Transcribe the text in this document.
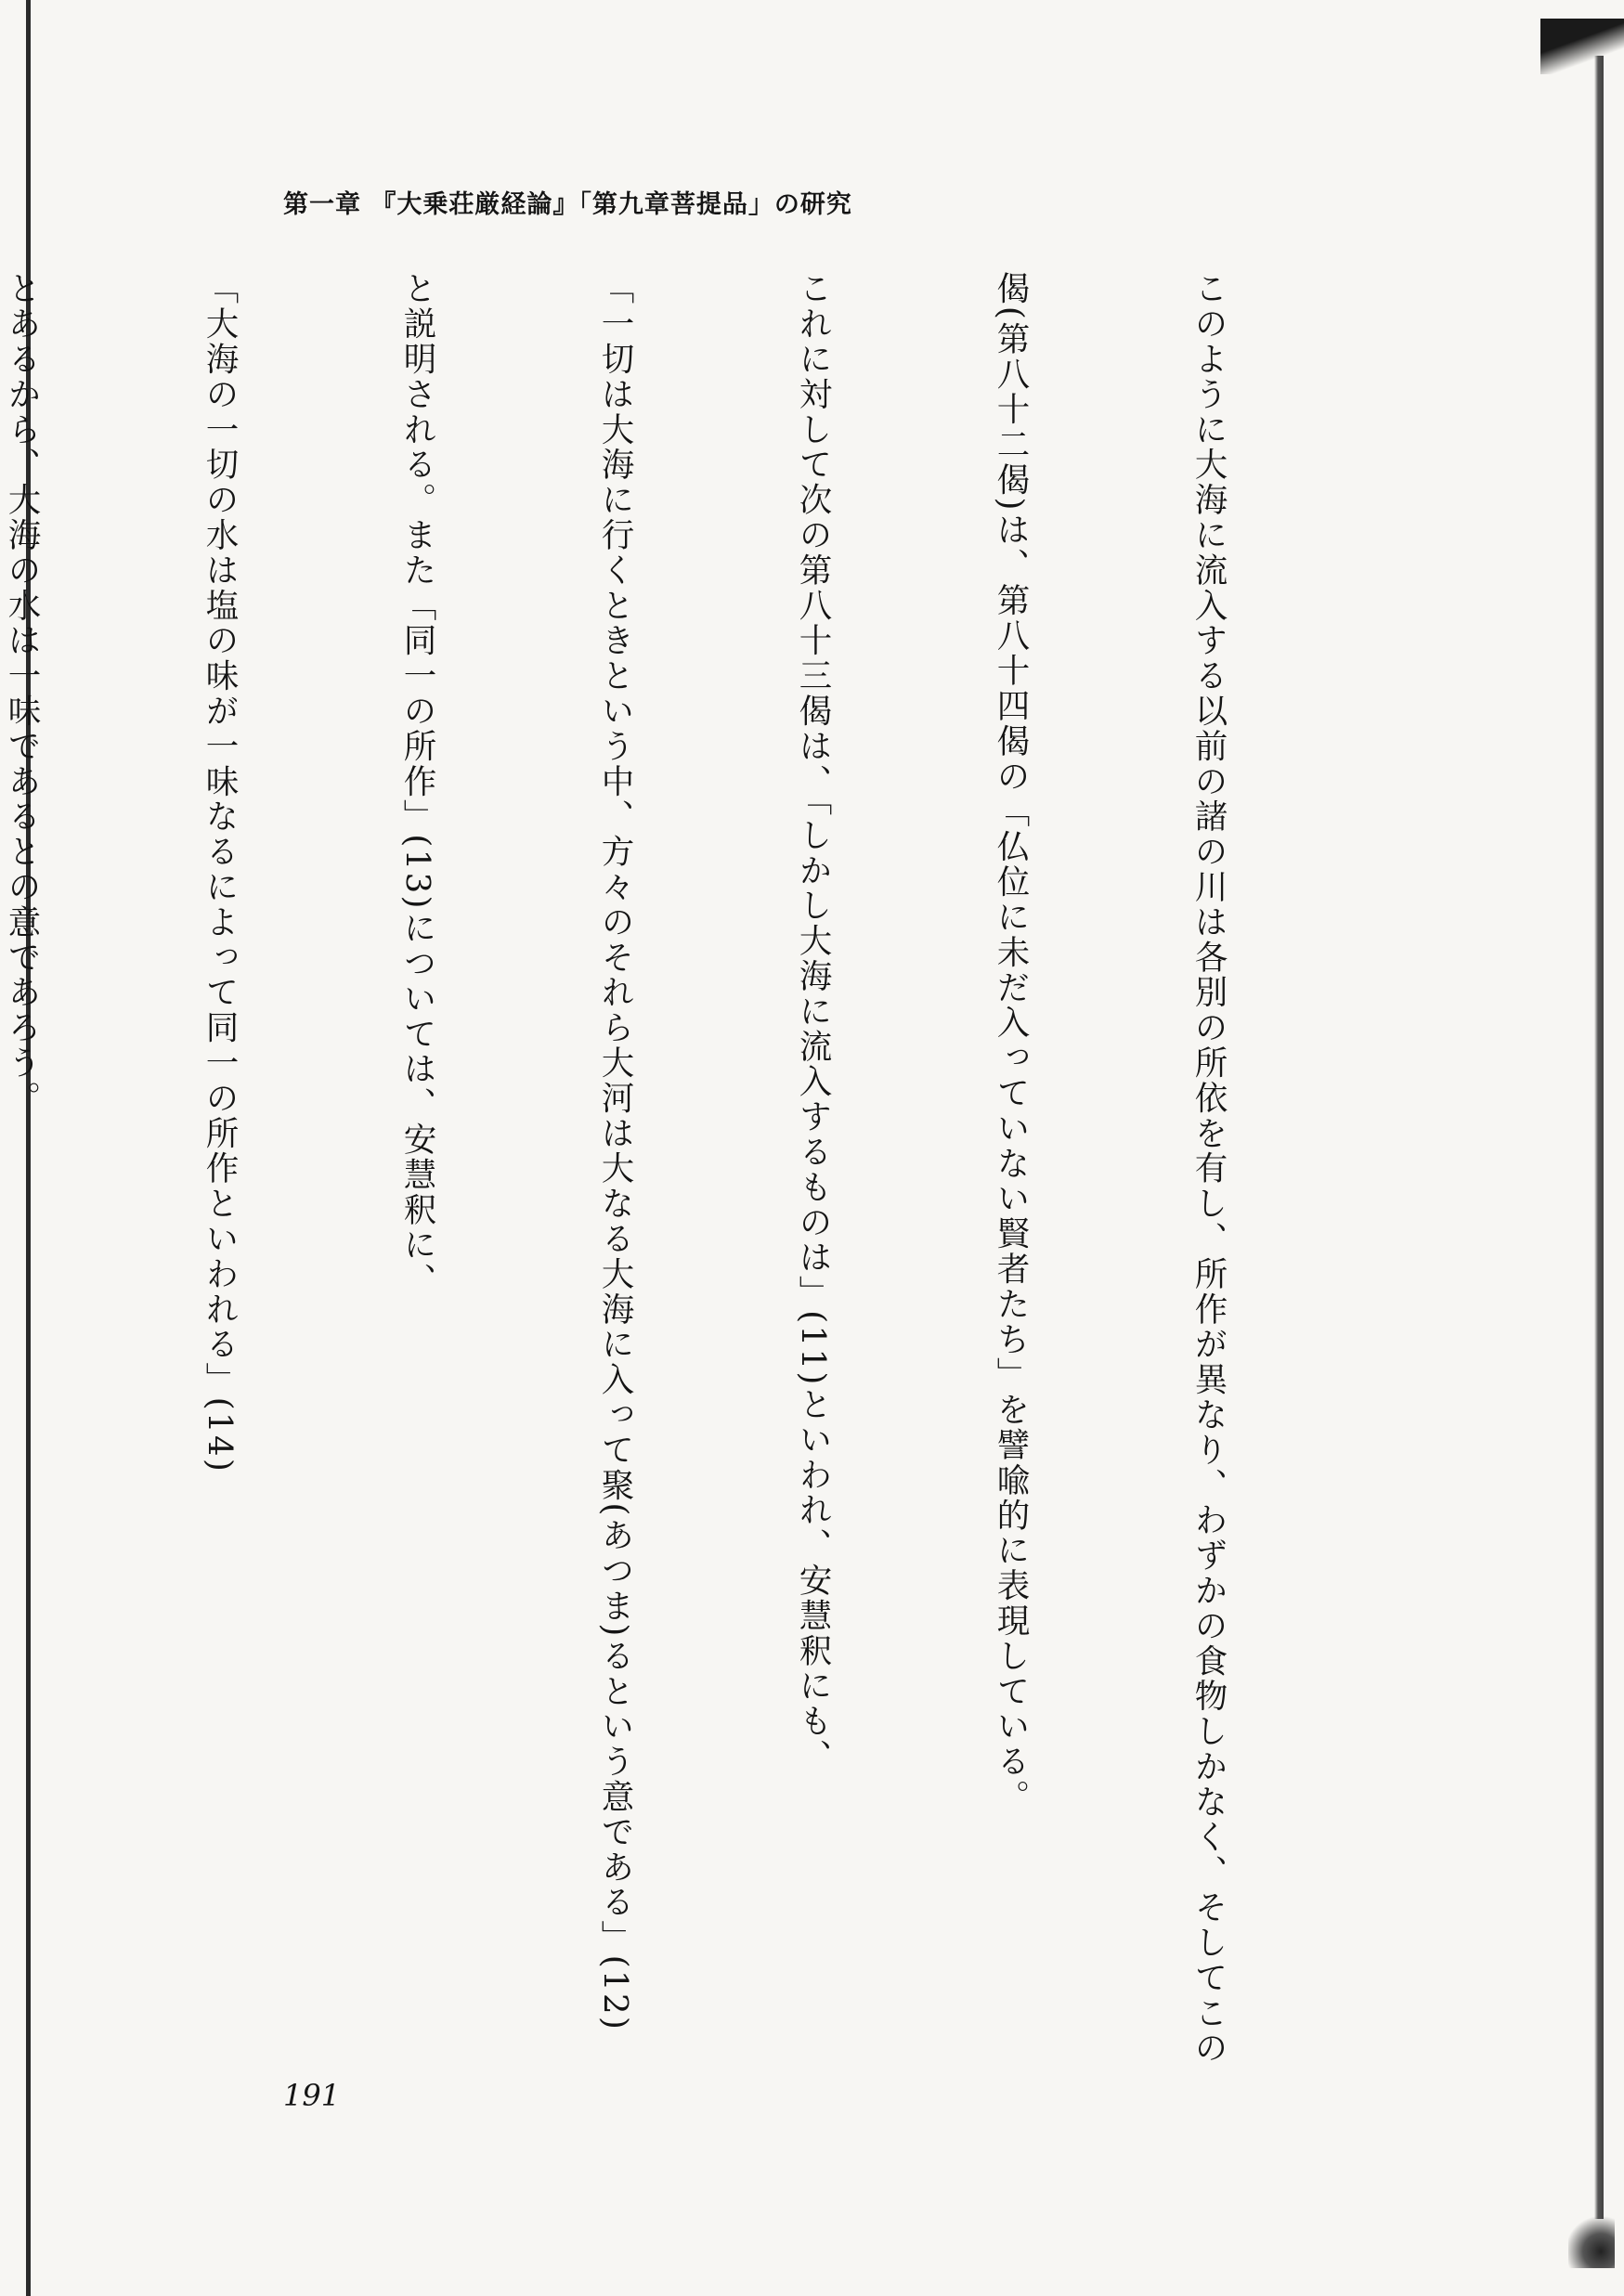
第一章 『大乗荘厳経論』「第九章菩提品」の研究

このように大海に流入する以前の諸の川は各別の所依を有し、所作が異なり、わずかの食物しかなく、そしてこの

偈(第八十二偈)は、第八十四偈の「仏位に未だ入っていない賢者たち」を譬喩的に表現している。

これに対して次の第八十三偈は、「しかし大海に流入するものは」(11)といわれ、安慧釈にも、

「一切は大海に行くときという中、方々のそれら大河は大なる大海に入って聚(あつま)るという意である」(12)

と説明される。また「同一の所作」(13)については、安慧釈に、

「大海の一切の水は塩の味が一味なるによって同一の所作といわれる」(14)

とあるから、大海の水は一味であるとの意であろう。

191
